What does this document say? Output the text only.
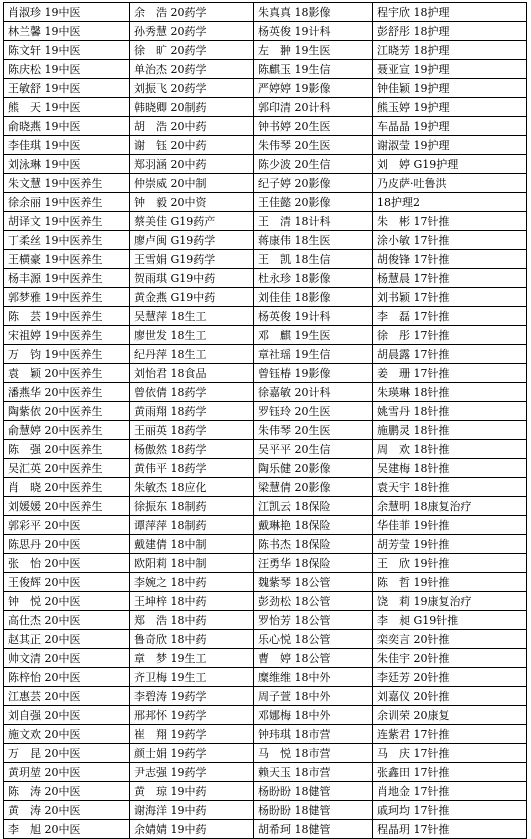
肖淑珍 19中医	余　浩 20药学	朱真真 18影像	程宇欣 18护理
林兰馨 19中医	孙秀慧 20药学	杨英俊 19计科	彭舒彤 18护理
陈文轩 19中医	徐　旷 20药学	左　翀 19生医	江晓芳 18护理
陈庆松 19中医	单治杰 20药学	陈麒玉 19生信	聂亚宣 19护理
王敏舒 19中医	刘振飞 20药学	严婷婷 19影像	钟佳颖 19护理
熊　天 19中医	韩晓卿 20制药	郭印清 20计科	熊玉婷 19护理
俞晓燕 19中医	胡　浩 20中药	钟书婷 20生医	车晶晶 19护理
李佳琪 19中医	谢　钰 20中药	朱伟琴 20生医	谢淑莹 19护理
刘泳琳 19中医	郑羽涵 20中药	陈少波 20生信	刘　婷 G19护理
朱文慧 19中医养生	仲崇威 20中制	纪子婷 20影像	乃皮萨·吐鲁洪
徐余丽 19中医养生	钟　毅 20中资	王佳懿 20影像	18护理2
胡译文 19中医养生	蔡美佳 G19药产	王　清 18计科	朱　彬 17针推
丁柔丝 19中医养生	廖卢闽 G19药学	蒋康伟 18生医	涂小敏 17针推
王横豪 19中医养生	王雪娟 G19药学	王　凯 18生信	胡俊锋 17针推
杨丰源 19中医养生	贺雨琪 G19中药	杜永珍 18影像	杨慧晨 17针推
郭梦雅 19中医养生	黄金燕 G19中药	刘佳佳 18影像	刘书颖 17针推
陈　芸 19中医养生	吴慧萍 18生工	杨英俊 19计科	李　磊 17针推
宋祖婷 19中医养生	廖世发 18生工	邓　麒 19生医	徐　彤 17针推
万　钧 19中医养生	纪丹萍 18生工	章社瑶 19生信	胡晨露 17针推
袁　颖 20中医养生	刘怡君 18食品	曾钰椿 19影像	姜　珊 17针推
潘燕华 20中医养生	曾依倩 18药学	徐嘉敏 20计科	朱瑛琳 18针推
陶紫依 20中医养生	黄雨翔 18药学	罗钰玲 20生医	姚雪丹 18针推
俞慧婷 20中医养生	王丽英 18药学	朱伟琴 20生医	施鹏灵 18针推
陈　强 20中医养生	杨傲然 18药学	吴平平 20生信	周　欢 18针推
吴汇英 20中医养生	黄伟平 18药学	陶乐健 20影像	吴建梅 18针推
肖　晓 20中医养生	朱敏杰 18应化	梁慧倩 20影像	袁天宇 18针推
刘媛媛 20中医养生	徐振东 18制药	江凯云 18保险	余慧明 18康复治疗
郭彩平 20中医	谭萍萍 18制药	戴琳艳 18保险	华佳菲 19针推
陈思丹 20中医	戴建倩 18中制	陈书杰 18保险	胡芳莹 19针推
张　怡 20中医	欧阳莉 18中制	汪勇华 18保险	王　欣 19针推
王俊辉 20中医	李婉之 18中药	魏紫琴 18公管	陈　哲 19针推
钟　悦 20中医	王坤梓 18中药	彭劲松 18公管	饶　莉 19康复治疗
高仕杰 20中医	郑　浩 18中药	罗怡芳 18公管	李　昶 G19针推
赵其正 20中医	鲁奇欣 18中药	乐心悦 18公管	栾奕言 20针推
帅文清 20中医	章　梦 19生工	曹　婷 18公管	朱佳宇 20针推
陈梓怡 20中医	齐卫梅 19生工	糜维维 18中外	李廷芳 20针推
江惠芸 20中医	李碧涛 19药学	周子萱 18中外	刘嘉仪 20针推
刘自强 20中医	邢邦怀 19药学	邓娜梅 18中外	余训荣 20康复
施文欢 20中医	崔　翔 19药学	钟玮琪 18市营	连紫君 17针推
万　昆 20中医	颜士娟 19药学	马　悦 18市营	马　庆 17针推
黄玥堃 20中医	尹志强 19药学	赖天玉 18市营	张鑫田 17针推
陈　涛 20中医	黄　琼 19中药	杨盼盼 18健管	肖地金 17针推
黄　涛 20中医	谢海洋 19中药	杨盼盼 18健管	戚珂均 17针推
李　旭 20中医	余婧婧 19中药	胡希珂 18健管	程晶玥 17针推
